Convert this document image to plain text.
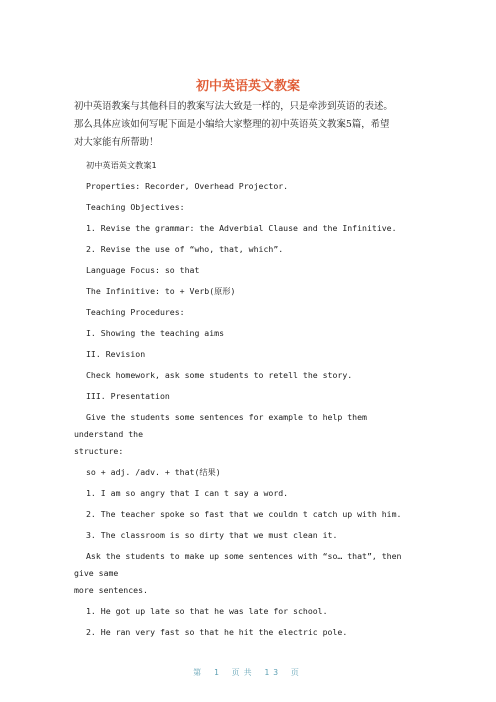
初中英语英文教案

初中英语教案与其他科目的教案写法大致是一样的，只是牵涉到英语的表述。

那么具体应该如何写呢下面是小编给大家整理的初中英语英文教案5篇，希望

对大家能有所帮助！

初中英语英文教案1
Properties: Recorder, Overhead Projector.
Teaching Objectives:
1. Revise the grammar: the Adverbial Clause and the Infinitive.
2. Revise the use of “who, that, which”.
Language Focus: so that
The Infinitive: to + Verb(原形)
Teaching Procedures:
I. Showing the teaching aims
II. Revision
Check homework, ask some students to retell the story.
III. Presentation
Give the students some sentences for example to help them
understand the
structure:
so + adj. /adv. + that(结果)
1. I am so angry that I can t say a word.
2. The teacher spoke so fast that we couldn t catch up with him.
3. The classroom is so dirty that we must clean it.
Ask the students to make up some sentences with “so… that”, then
give same
more sentences.
1. He got up late so that he was late for school.
2. He ran very fast so that he hit the electric pole.
第 1 页共 13 页
